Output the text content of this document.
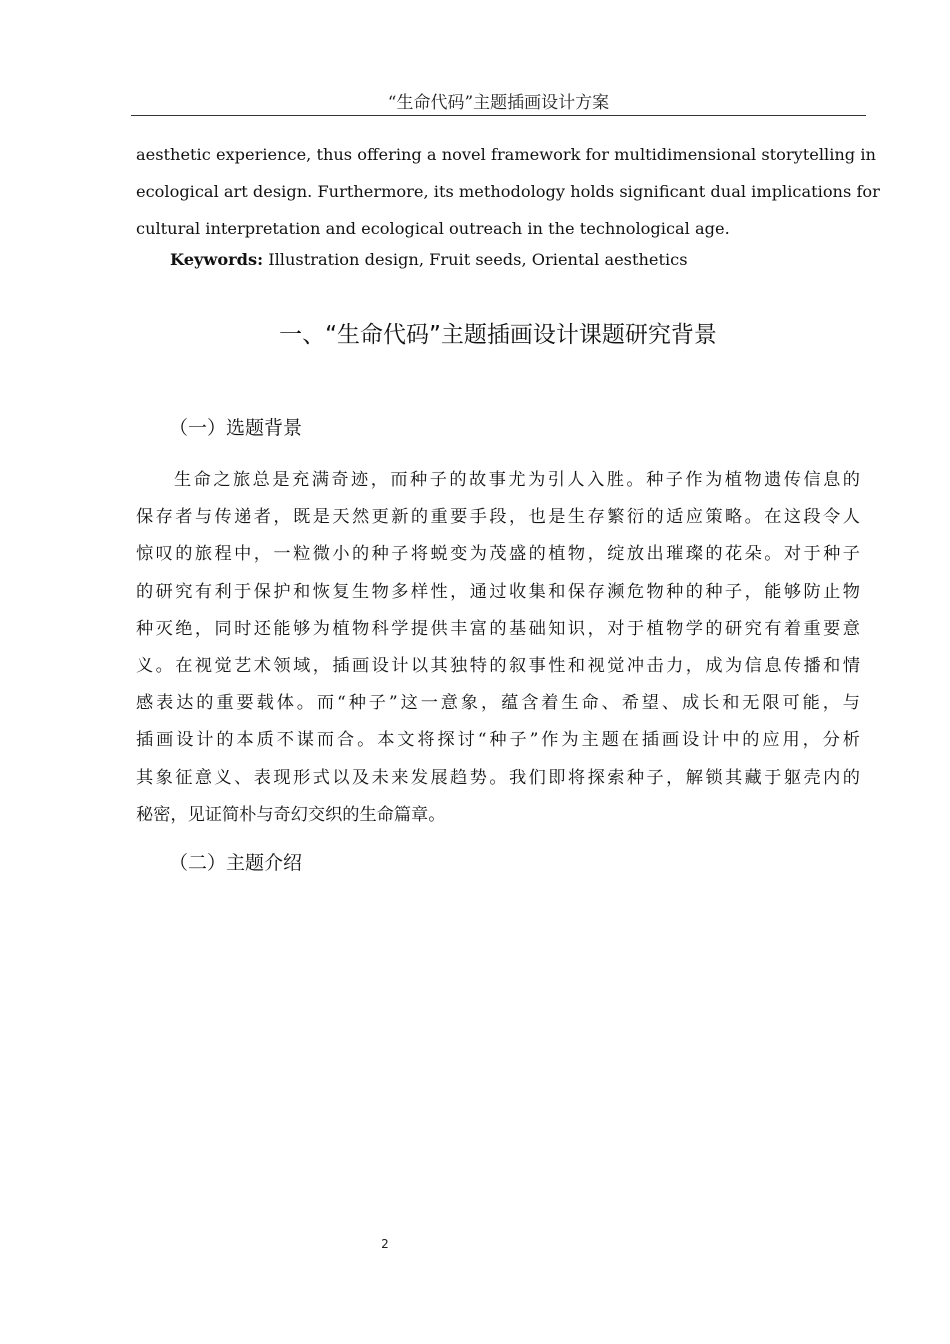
“生命代码”主题插画设计方案
aesthetic experience, thus offering a novel framework for multidimensional storytelling in
ecological art design. Furthermore, its methodology holds significant dual implications for
cultural interpretation and ecological outreach in the technological age.
Keywords: Illustration design, Fruit seeds, Oriental aesthetics
一、“生命代码”主题插画设计课题研究背景
（一）选题背景
生命之旅总是充满奇迹，而种子的故事尤为引人入胜。种子作为植物遗传信息的
保存者与传递者，既是天然更新的重要手段，也是生存繁衍的适应策略。在这段令人
惊叹的旅程中，一粒微小的种子将蜕变为茂盛的植物，绽放出璀璨的花朵。对于种子
的研究有利于保护和恢复生物多样性，通过收集和保存濒危物种的种子，能够防止物
种灭绝，同时还能够为植物科学提供丰富的基础知识，对于植物学的研究有着重要意
义。在视觉艺术领域，插画设计以其独特的叙事性和视觉冲击力，成为信息传播和情
感表达的重要载体。而“种子”这一意象，蕴含着生命、希望、成长和无限可能，与
插画设计的本质不谋而合。本文将探讨“种子”作为主题在插画设计中的应用，分析
其象征意义、表现形式以及未来发展趋势。我们即将探索种子，解锁其藏于躯壳内的
秘密，见证简朴与奇幻交织的生命篇章。
（二）主题介绍
2
